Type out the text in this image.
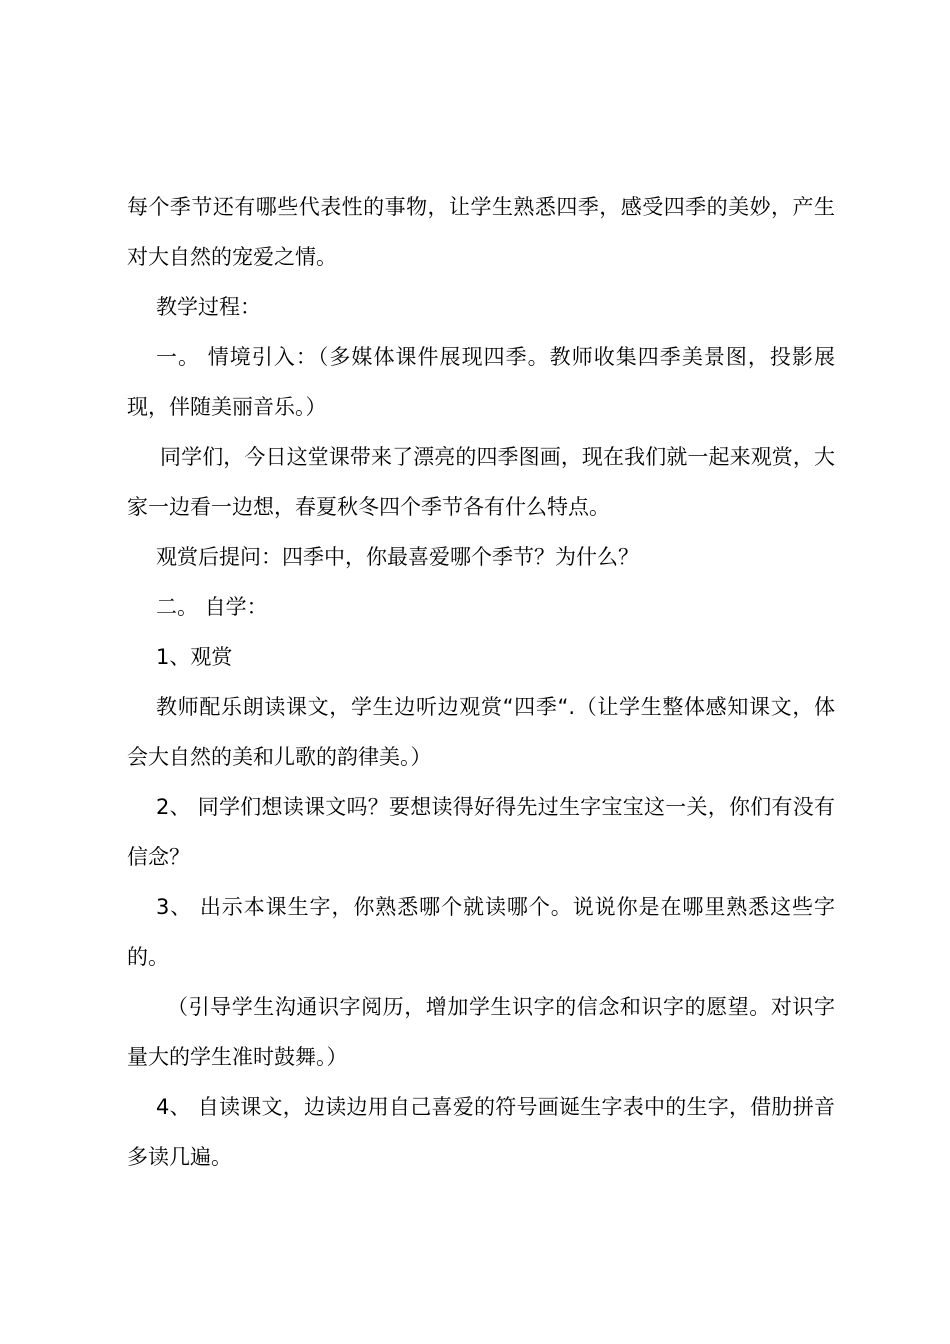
每个季节还有哪些代表性的事物，让学生熟悉四季，感受四季的美妙，产生对大自然的宠爱之情。

教学过程：

一。 情境引入：（多媒体课件展现四季。教师收集四季美景图，投影展现，伴随美丽音乐。）

同学们，今日这堂课带来了漂亮的四季图画，现在我们就一起来观赏，大家一边看一边想，春夏秋冬四个季节各有什么特点。

观赏后提问：四季中，你最喜爱哪个季节？为什么？

二。 自学：

1、观赏

教师配乐朗读课文，学生边听边观赏“四季“.（让学生整体感知课文，体会大自然的美和儿歌的韵律美。）

2、 同学们想读课文吗？要想读得好得先过生字宝宝这一关，你们有没有信念？

3、 出示本课生字，你熟悉哪个就读哪个。说说你是在哪里熟悉这些字的。

（引导学生沟通识字阅历，增加学生识字的信念和识字的愿望。对识字量大的学生准时鼓舞。）

4、 自读课文，边读边用自己喜爱的符号画诞生字表中的生字，借肋拼音多读几遍。
